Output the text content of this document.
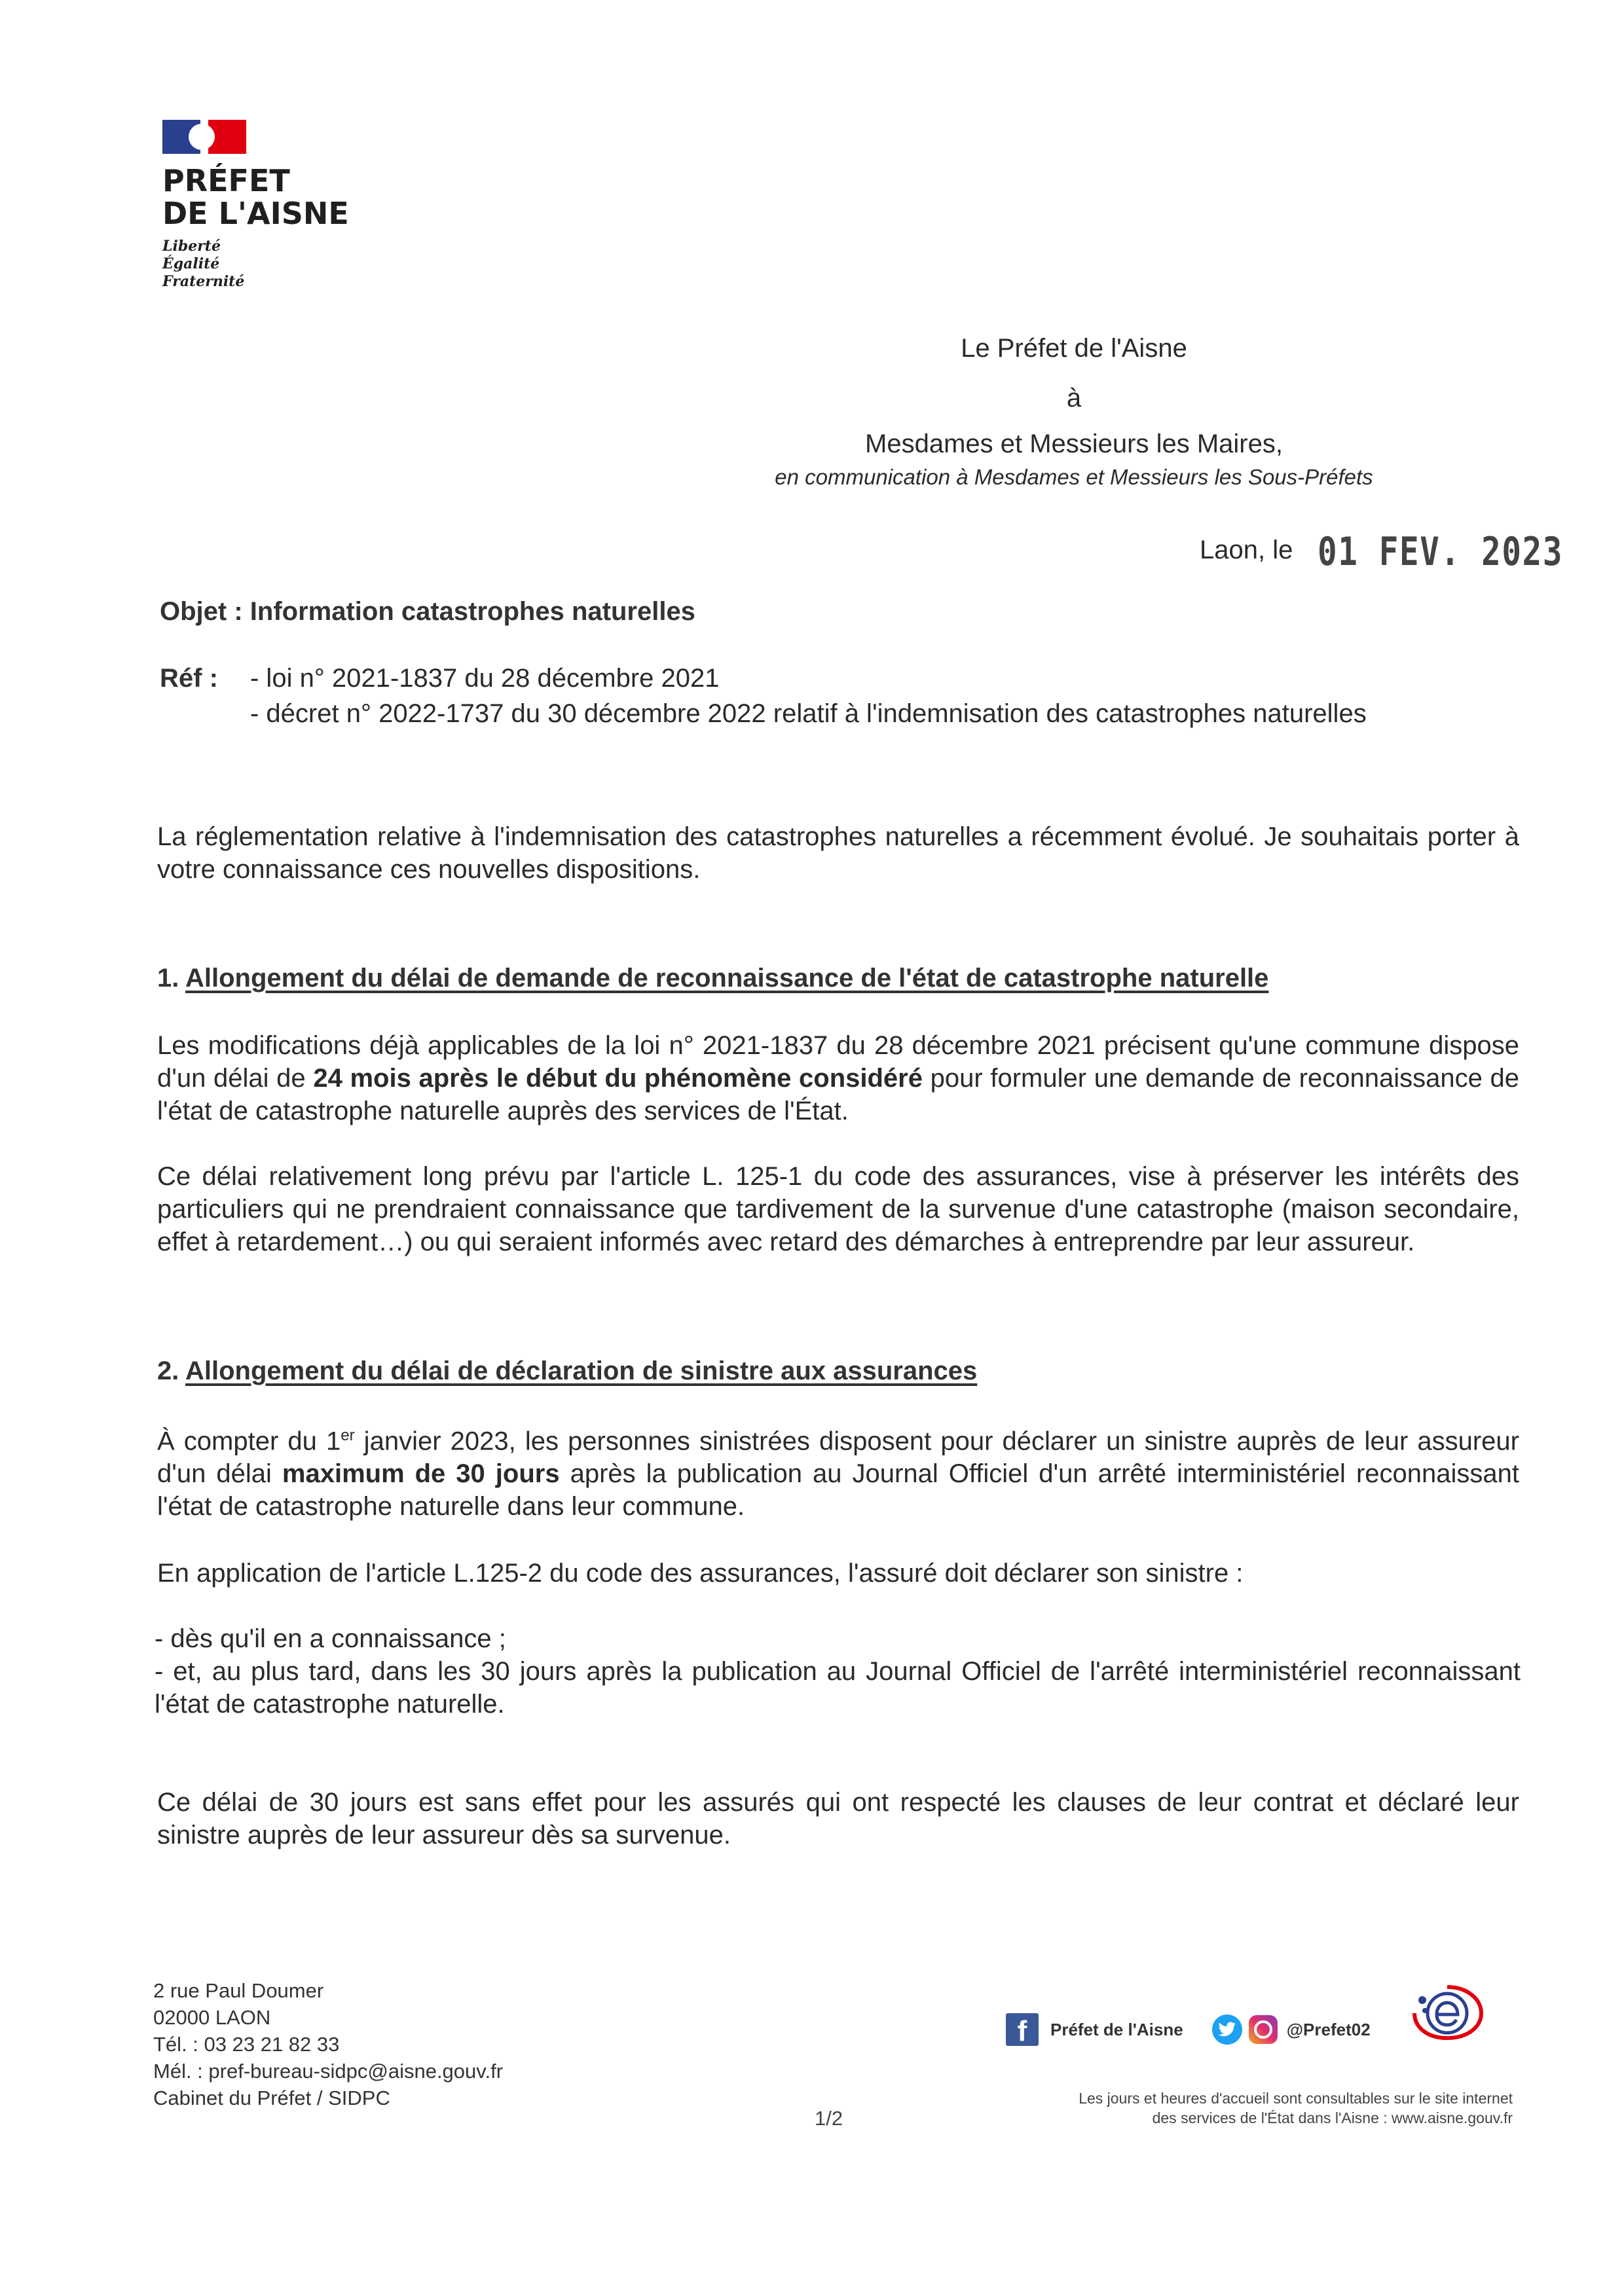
PRÉFET
DE L'AISNE
Liberté
Égalité
Fraternité
Le Préfet de l'Aisne
à
Mesdames et Messieurs les Maires,
en communication à Mesdames et Messieurs les Sous-Préfets
Laon, le 01 FEV. 2023
Objet : Information catastrophes naturelles
Réf : - loi n° 2021-1837 du 28 décembre 2021
- décret n° 2022-1737 du 30 décembre 2022 relatif à l'indemnisation des catastrophes naturelles
La réglementation relative à l'indemnisation des catastrophes naturelles a récemment évolué. Je souhaitais porter à votre connaissance ces nouvelles dispositions.
1. Allongement du délai de demande de reconnaissance de l'état de catastrophe naturelle
Les modifications déjà applicables de la loi n° 2021-1837 du 28 décembre 2021 précisent qu'une commune dispose d'un délai de 24 mois après le début du phénomène considéré pour formuler une demande de reconnaissance de l'état de catastrophe naturelle auprès des services de l'État.
Ce délai relativement long prévu par l'article L. 125-1 du code des assurances, vise à préserver les intérêts des particuliers qui ne prendraient connaissance que tardivement de la survenue d'une catastrophe (maison secondaire, effet à retardement…) ou qui seraient informés avec retard des démarches à entreprendre par leur assureur.
2. Allongement du délai de déclaration de sinistre aux assurances
À compter du 1er janvier 2023, les personnes sinistrées disposent pour déclarer un sinistre auprès de leur assureur d'un délai maximum de 30 jours après la publication au Journal Officiel d'un arrêté interministériel reconnaissant l'état de catastrophe naturelle dans leur commune.
En application de l'article L.125-2 du code des assurances, l'assuré doit déclarer son sinistre :
- dès qu'il en a connaissance ;
- et, au plus tard, dans les 30 jours après la publication au Journal Officiel de l'arrêté interministériel reconnaissant l'état de catastrophe naturelle.
Ce délai de 30 jours est sans effet pour les assurés qui ont respecté les clauses de leur contrat et déclaré leur sinistre auprès de leur assureur dès sa survenue.
2 rue Paul Doumer
02000 LAON
Tél. : 03 23 21 82 33
Mél. : pref-bureau-sidpc@aisne.gouv.fr
Cabinet du Préfet / SIDPC
f	Préfet de l'Aisne	@Prefet02
Les jours et heures d'accueil sont consultables sur le site internet
des services de l'État dans l'Aisne : www.aisne.gouv.fr
1/2
